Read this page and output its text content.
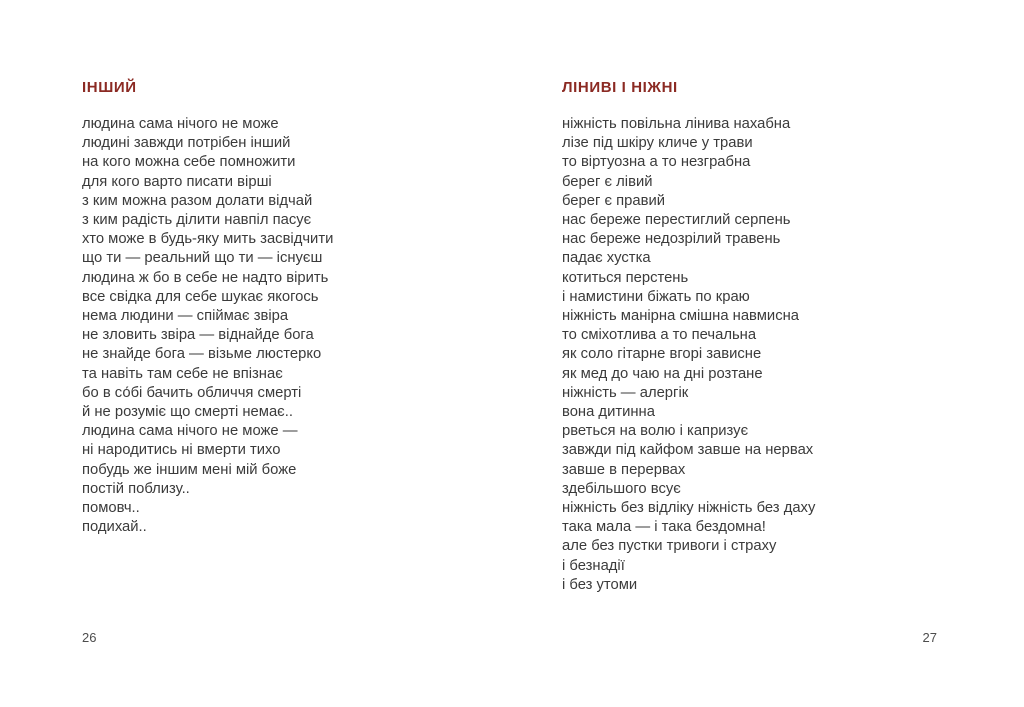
ІНШИЙ
людина сама нічого не може
людині завжди потрібен інший
на кого можна себе помножити
для кого варто писати вірші
з ким можна разом долати відчай
з ким радість ділити навпіл пасує
хто може в будь-яку мить засвідчити
що ти — реальний що ти — існуєш
людина ж бо в себе не надто вірить
все свідка для себе шукає якогось
нема людини — спіймає звіра
не зловить звіра — віднайде бога
не знайде бога — візьме люстерко
та навіть там себе не впізнає
бо в со́бі бачить обличчя смерті
й не розуміє що смерті немає..
людина сама нічого не може —
ні народитись ні вмерти тихо
побудь же іншим мені мій боже
постій поблизу..
помовч..
подихай..
26
ЛІНИВІ І НІЖНІ
ніжність повільна лінива нахабна
лізе під шкіру кличе у трави
то віртуозна а то незграбна
берег є лівий
берег є правий
нас береже перестиглий серпень
нас береже недозрілий травень
падає хустка
котиться перстень
і намистини біжать по краю
ніжність манірна смішна навмисна
то сміхотлива а то печальна
як соло гітарне вгорі зависне
як мед до чаю на дні розтане
ніжність — алергік
вона дитинна
рветься на волю і капризує
завжди під кайфом завше на нервах
завше в перервах
здебільшого всує
ніжність без відліку ніжність без даху
така мала — і така бездомна!
але без пустки тривоги і страху
і безнадії
і без утоми
27
